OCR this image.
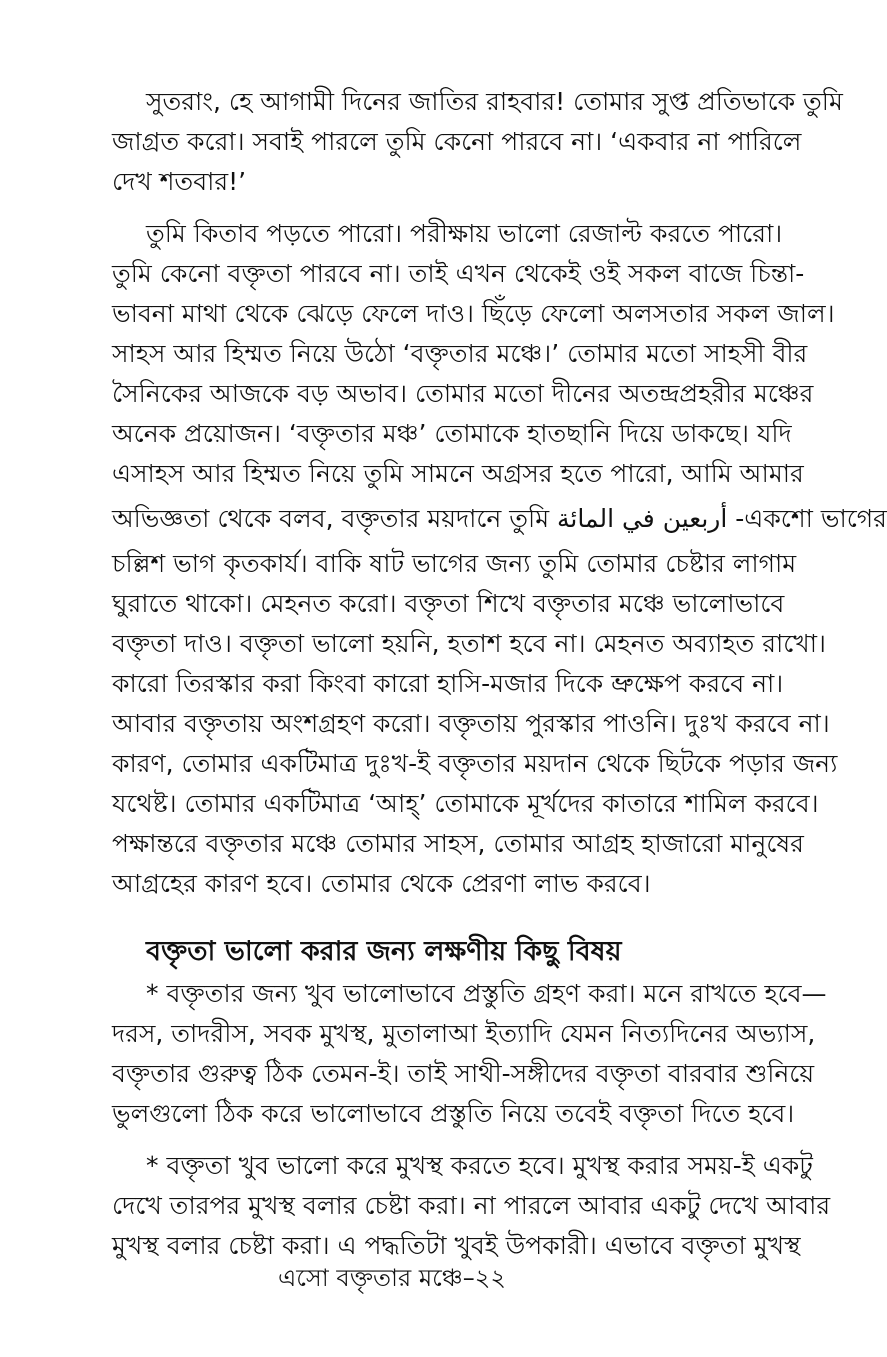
সুতরাং, হে আগামী দিনের জাতির রাহবার! তোমার সুপ্ত প্রতিভাকে তুমি
জাগ্রত করো। সবাই পারলে তুমি কেনো পারবে না। ‘একবার না পারিলে
দেখ শতবার!’
তুমি কিতাব পড়তে পারো। পরীক্ষায় ভালো রেজাল্ট করতে পারো।
তুমি কেনো বক্তৃতা পারবে না। তাই এখন থেকেই ওই সকল বাজে চিন্তা-
ভাবনা মাথা থেকে ঝেড়ে ফেলে দাও। ছিঁড়ে ফেলো অলসতার সকল জাল।
সাহস আর হিম্মত নিয়ে উঠো ‘বক্তৃতার মঞ্চে।’ তোমার মতো সাহসী বীর
সৈনিকের আজকে বড় অভাব। তোমার মতো দীনের অতন্দ্রপ্রহরীর মঞ্চের
অনেক প্রয়োজন। ‘বক্তৃতার মঞ্চ’ তোমাকে হাতছানি দিয়ে ডাকছে। যদি
এসাহস আর হিম্মত নিয়ে তুমি সামনে অগ্রসর হতে পারো, আমি আমার
অভিজ্ঞতা থেকে বলব, বক্তৃতার ময়দানে তুমি أربعين في المائة -একশো ভাগের
চল্লিশ ভাগ কৃতকার্য। বাকি ষাট ভাগের জন্য তুমি তোমার চেষ্টার লাগাম
ঘুরাতে থাকো। মেহনত করো। বক্তৃতা শিখে বক্তৃতার মঞ্চে ভালোভাবে
বক্তৃতা দাও। বক্তৃতা ভালো হয়নি, হতাশ হবে না। মেহনত অব্যাহত রাখো।
কারো তিরস্কার করা কিংবা কারো হাসি-মজার দিকে ভ্রুক্ষেপ করবে না।
আবার বক্তৃতায় অংশগ্রহণ করো। বক্তৃতায় পুরস্কার পাওনি। দুঃখ করবে না।
কারণ, তোমার একটিমাত্র দুঃখ-ই বক্তৃতার ময়দান থেকে ছিটকে পড়ার জন্য
যথেষ্ট। তোমার একটিমাত্র ‘আহ্’ তোমাকে মূর্খদের কাতারে শামিল করবে।
পক্ষান্তরে বক্তৃতার মঞ্চে তোমার সাহস, তোমার আগ্রহ হাজারো মানুষের
আগ্রহের কারণ হবে। তোমার থেকে প্রেরণা লাভ করবে।
বক্তৃতা ভালো করার জন্য লক্ষণীয় কিছু বিষয়
* বক্তৃতার জন্য খুব ভালোভাবে প্রস্তুতি গ্রহণ করা। মনে রাখতে হবে—
দরস, তাদরীস, সবক মুখস্থ, মুতালাআ ইত্যাদি যেমন নিত্যদিনের অভ্যাস,
বক্তৃতার গুরুত্ব ঠিক তেমন-ই। তাই সাথী-সঙ্গীদের বক্তৃতা বারবার শুনিয়ে
ভুলগুলো ঠিক করে ভালোভাবে প্রস্তুতি নিয়ে তবেই বক্তৃতা দিতে হবে।
* বক্তৃতা খুব ভালো করে মুখস্থ করতে হবে। মুখস্থ করার সময়-ই একটু
দেখে তারপর মুখস্থ বলার চেষ্টা করা। না পারলে আবার একটু দেখে আবার
মুখস্থ বলার চেষ্টা করা। এ পদ্ধতিটা খুবই উপকারী। এভাবে বক্তৃতা মুখস্থ
এসো বক্তৃতার মঞ্চে–২২
